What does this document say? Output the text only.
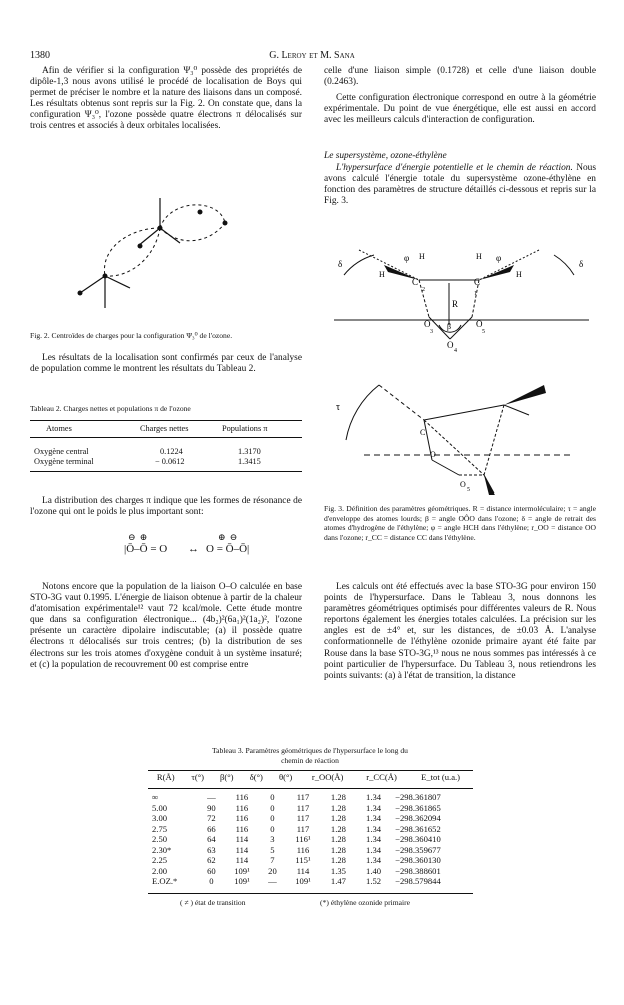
1380	G. Leroy et M. Sana

Afin de vérifier si la configuration Ψ₃⁰ possède des propriétés de dipôle-1,3 nous avons utilisé le procédé de localisation de Boys qui permet de préciser le nombre et la nature des liaisons dans un composé. Les résultats obtenus sont repris sur la Fig. 2. On constate que, dans la configuration Ψ₃⁰, l'ozone possède quatre électrons π délocalisés sur trois centres et associés à deux orbitales localisées.

Fig. 2. Centroïdes de charges pour la configuration Ψ₃⁰ de l'ozone.

Les résultats de la localisation sont confirmés par ceux de l'analyse de population comme le montrent les résultats du Tableau 2.

Tableau 2. Charges nettes et populations π de l'ozone
Atomes	Charges nettes	Populations π
Oxygène central	0.1224	1.3170
Oxygène terminal	− 0.0612	1.3415

La distribution des charges π indique que les formes de résonance de l'ozone qui ont le poids le plus important sont:

⊖ ⊕	⊕ ⊖
|Ō–Ō = O ↔ O = Ō–Ō|

Notons encore que la population de la liaison O–O calculée en base STO-3G vaut 0.1995. L'énergie de liaison obtenue à partir de la chaleur d'atomisation expérimentale¹² vaut 72 kcal/mole. Cette étude montre que dans sa configuration électronique... (4b₂)²(6a₁)²(1a₂)², l'ozone présente un caractère dipolaire indiscutable; (a) il possède quatre électrons π délocalisés sur trois centres; (b) la distribution de ses électrons sur les trois atomes d'oxygène conduit à un système insaturé; et (c) la population de recouvrement 00 est comprise entre

celle d'une liaison simple (0.1728) et celle d'une liaison double (0.2463).

Cette configuration électronique correspond en outre à la géométrie expérimentale. Du point de vue énergétique, elle est aussi en accord avec les meilleurs calculs d'interaction de configuration.

Le supersystème, ozone-éthylène

L'hypersurface d'énergie potentielle et le chemin de réaction. Nous avons calculé l'énergie totale du supersystème ozone-éthylène en fonction des paramètres de structure détaillés ci-dessous et repris sur la Fig. 3.

δ	δ
φ	φ
H
H	H
H
C
2
C
1
R
O
3
O
4
O
5
β
τ
C
O
O
5
Fig. 3. Définition des paramètres géométriques. R = distance intermoléculaire; τ = angle d'enveloppe des atomes lourds; β = angle OÔO dans l'ozone; δ = angle de retrait des atomes d'hydrogène de l'éthylène; φ = angle HCH dans l'éthylène; r_OO = distance OO dans l'ozone; r_CC = distance CC dans l'éthylène.

Les calculs ont été effectués avec la base STO-3G pour environ 150 points de l'hypersurface. Dans le Tableau 3, nous donnons les paramètres géométriques optimisés pour différentes valeurs de R. Nous reportons également les énergies totales calculées. La précision sur les angles est de ±4° et, sur les distances, de ±0.03 Å. L'analyse conformationnelle de l'éthylène ozonide primaire ayant été faite par Rouse dans la base STO-3G,¹³ nous ne nous sommes pas intéressés à ce point particulier de l'hypersurface. Du Tableau 3, nous retiendrons les points suivants: (a) à l'état de transition, la distance

Tableau 3. Paramètres géométriques de l'hypersurface le long du
chemin de réaction
R(Å)	τ(°)	β(°)	δ(°)	θ(°)	r_OO(Å)	r_CC(Å)	E_tot (u.a.)
∞	—	116	0	117	1.28	1.34	−298.361807
5.00	90	116	0	117	1.28	1.34	−298.361865
3.00	72	116	0	117	1.28	1.34	−298.362094
2.75	66	116	0	117	1.28	1.34	−298.361652
2.50	64	114	3	116¹	1.28	1.34	−298.360410
2.30*	63	114	5	116	1.28	1.34	−298.359677
2.25	62	114	7	115¹	1.28	1.34	−298.360130
2.00	60	109¹	20	114	1.35	1.40	−298.388601
E.OZ.*	0	109¹	—	109¹	1.47	1.52	−298.579844
( ≠ ) état de transition	(*) éthylène ozonide primaire
